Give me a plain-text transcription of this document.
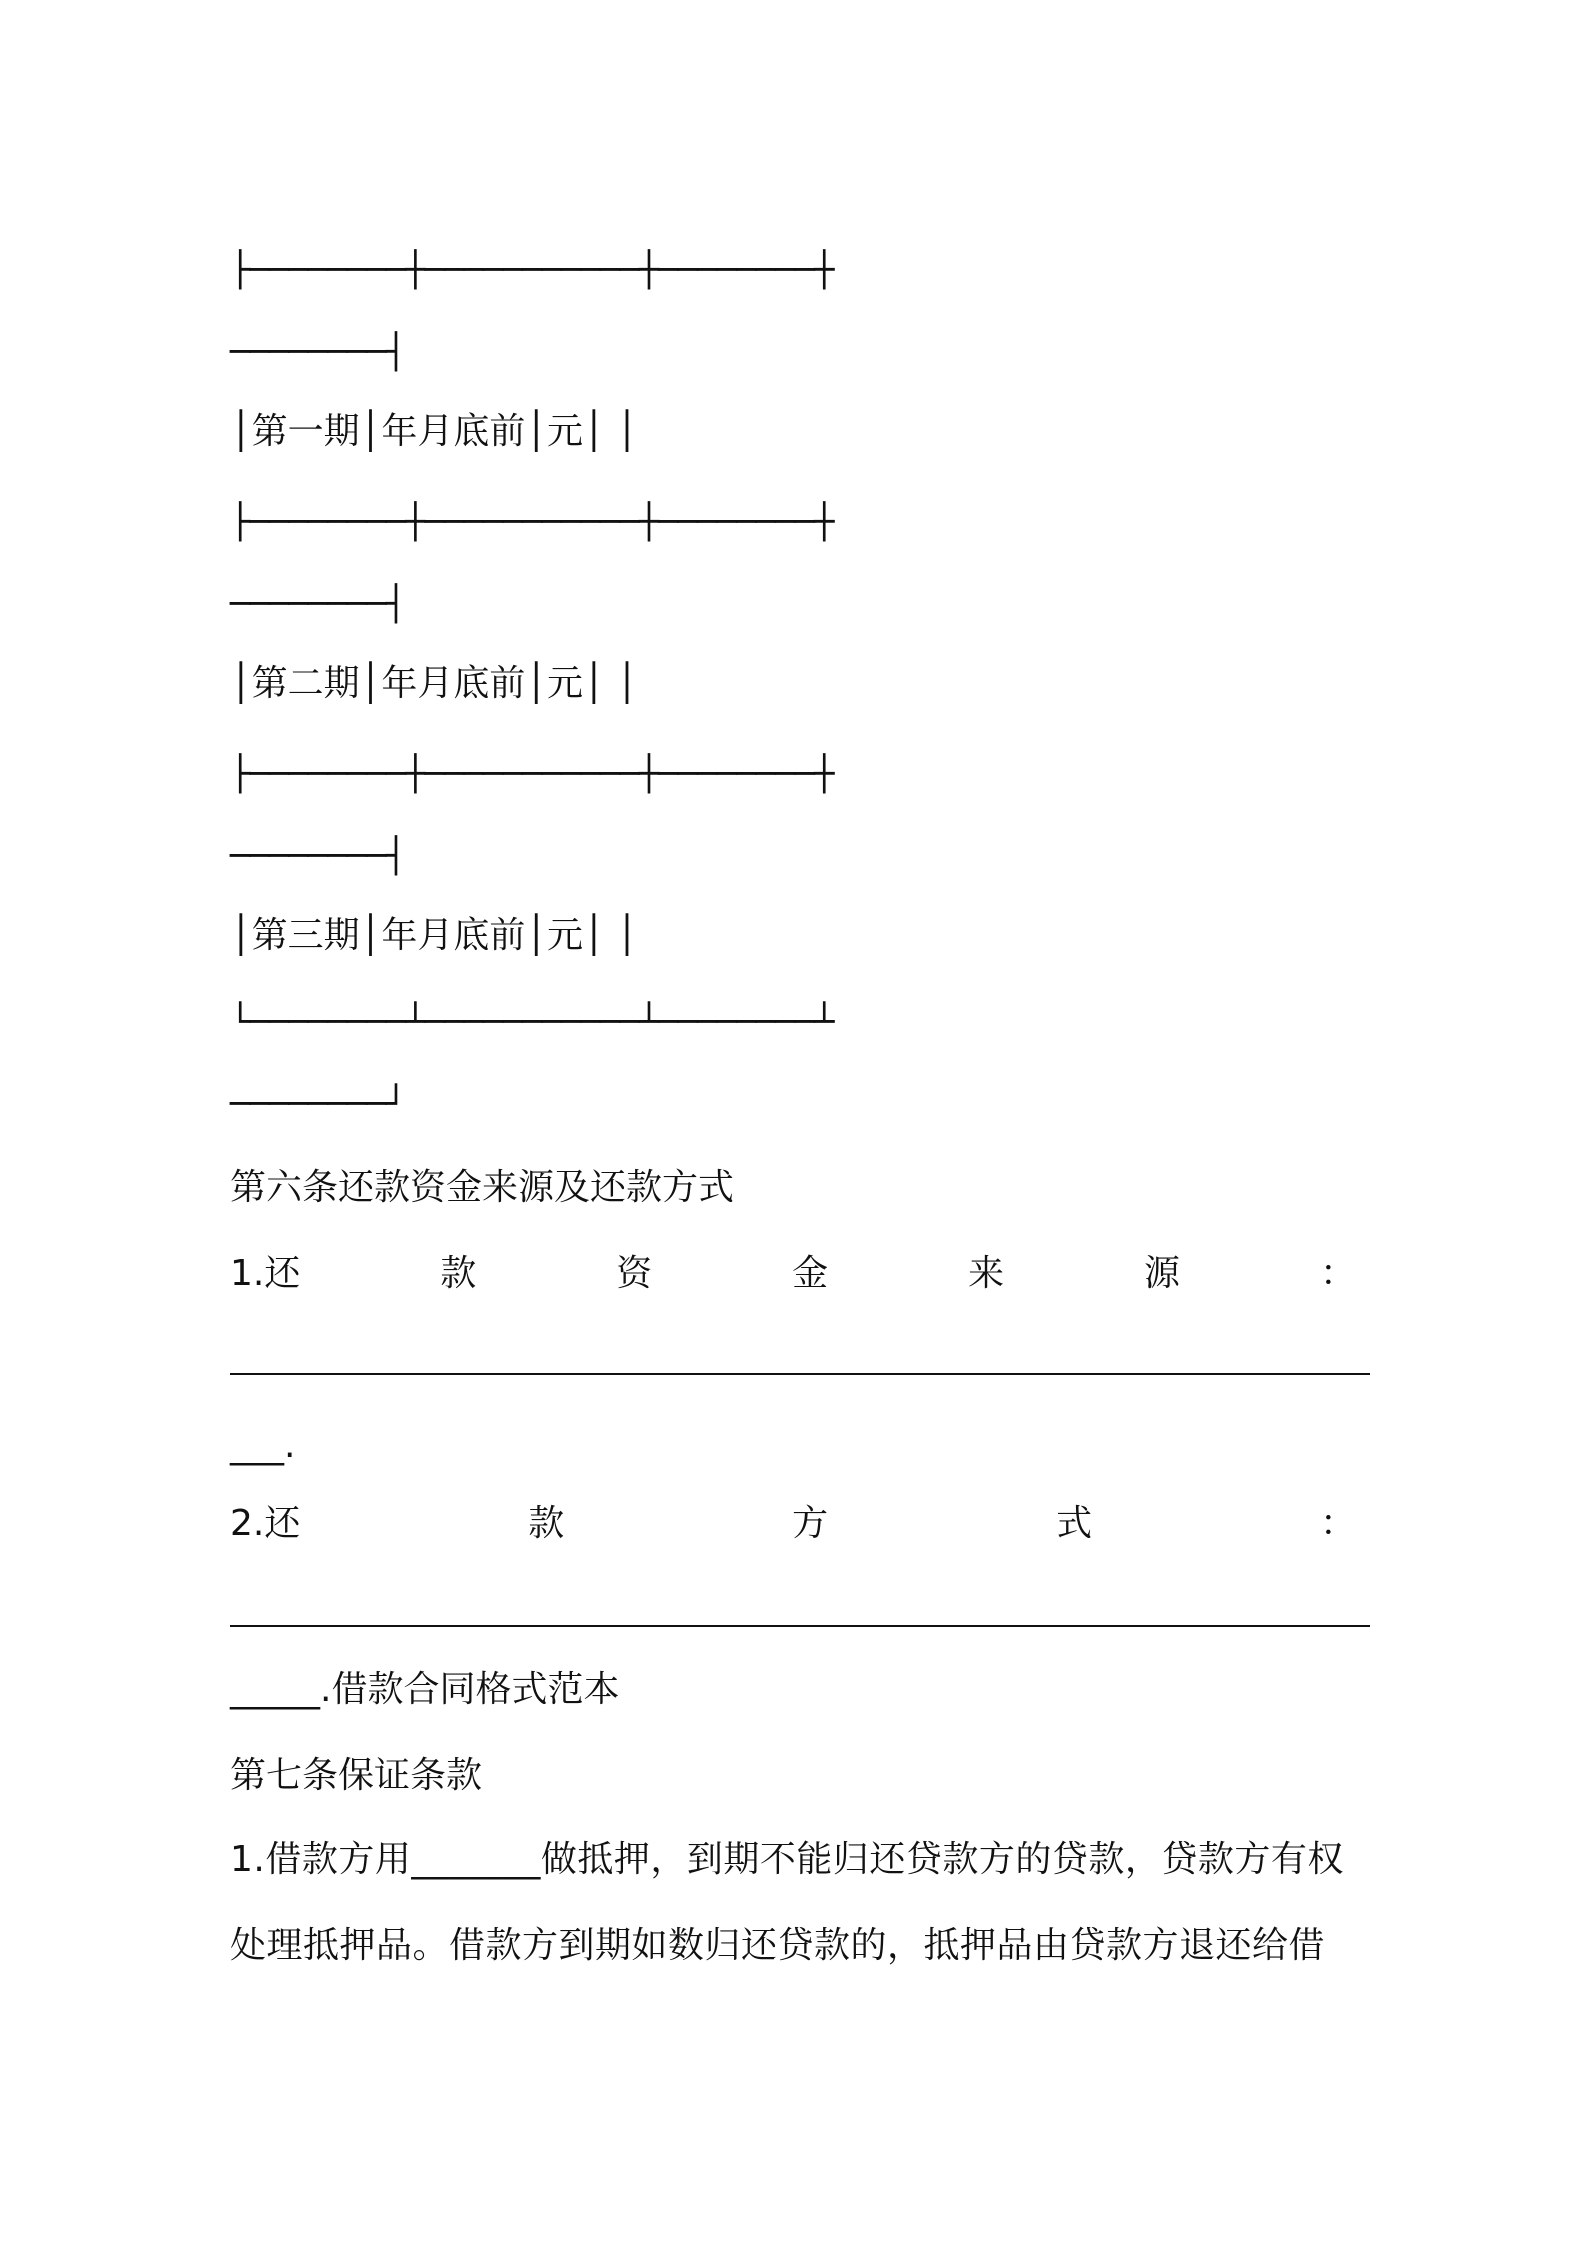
├────────┼───────────┼────────┼
────────┤
│第一期│年月底前│元│ │
├────────┼───────────┼────────┼
────────┤
│第二期│年月底前│元│ │
├────────┼───────────┼────────┼
────────┤
│第三期│年月底前│元│ │
└────────┴───────────┴────────┴
────────┘
第六条还款资金来源及还款方式
1.还	款	资	金	来	源	：
___.
2.还	款	方	式	：
_____.借款合同格式范本
第七条保证条款
1.借款方用_______做抵押，到期不能归还贷款方的贷款，贷款方有权
处理抵押品。借款方到期如数归还贷款的，抵押品由贷款方退还给借
